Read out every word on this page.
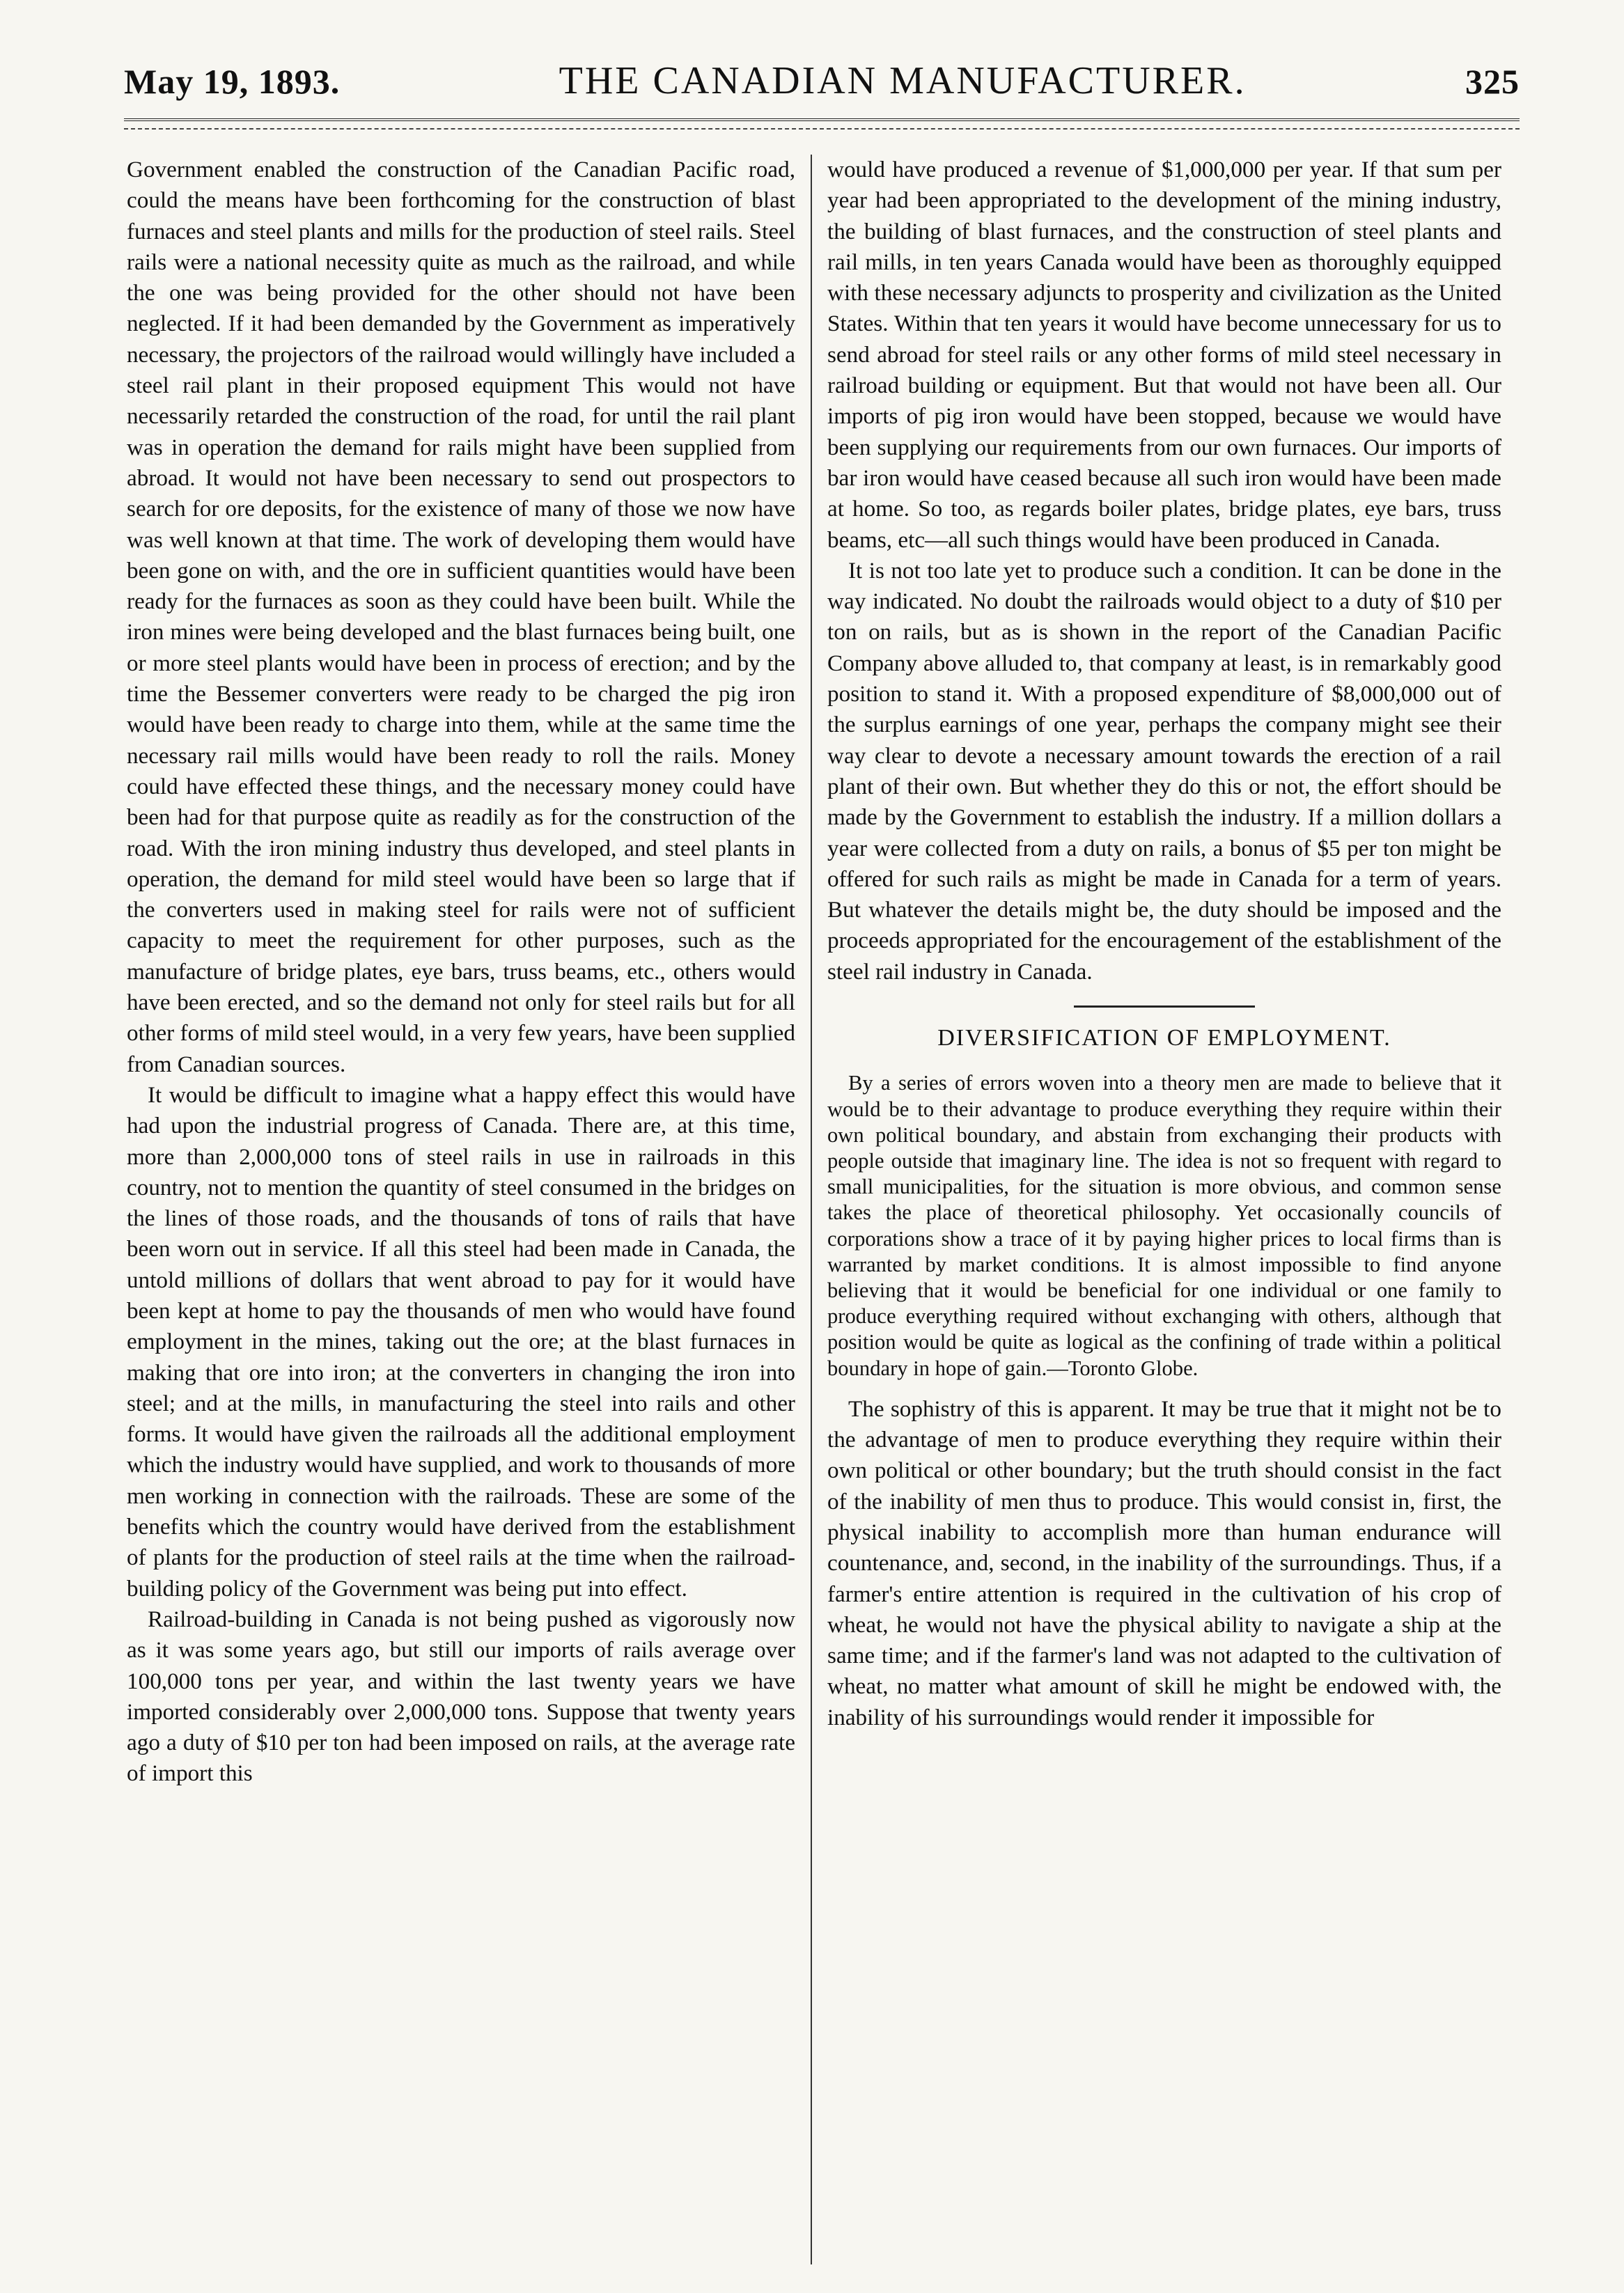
May 19, 1893.	THE CANADIAN MANUFACTURER.	325

Government enabled the construction of the Canadian Pacific road, could the means have been forthcoming for the construction of blast furnaces and steel plants and mills for the production of steel rails. Steel rails were a national necessity quite as much as the railroad, and while the one was being provided for the other should not have been neglected. If it had been demanded by the Government as imperatively necessary, the projectors of the railroad would willingly have included a steel rail plant in their proposed equipment This would not have necessarily retarded the construction of the road, for until the rail plant was in operation the demand for rails might have been supplied from abroad. It would not have been necessary to send out prospectors to search for ore deposits, for the existence of many of those we now have was well known at that time. The work of developing them would have been gone on with, and the ore in sufficient quantities would have been ready for the furnaces as soon as they could have been built. While the iron mines were being developed and the blast furnaces being built, one or more steel plants would have been in process of erection; and by the time the Bessemer converters were ready to be charged the pig iron would have been ready to charge into them, while at the same time the necessary rail mills would have been ready to roll the rails. Money could have effected these things, and the necessary money could have been had for that purpose quite as readily as for the construction of the road. With the iron mining industry thus developed, and steel plants in operation, the demand for mild steel would have been so large that if the converters used in making steel for rails were not of sufficient capacity to meet the requirement for other purposes, such as the manufacture of bridge plates, eye bars, truss beams, etc., others would have been erected, and so the demand not only for steel rails but for all other forms of mild steel would, in a very few years, have been supplied from Canadian sources.

It would be difficult to imagine what a happy effect this would have had upon the industrial progress of Canada. There are, at this time, more than 2,000,000 tons of steel rails in use in railroads in this country, not to mention the quantity of steel consumed in the bridges on the lines of those roads, and the thousands of tons of rails that have been worn out in service. If all this steel had been made in Canada, the untold millions of dollars that went abroad to pay for it would have been kept at home to pay the thousands of men who would have found employment in the mines, taking out the ore; at the blast furnaces in making that ore into iron; at the converters in changing the iron into steel; and at the mills, in manufacturing the steel into rails and other forms. It would have given the railroads all the additional employment which the industry would have supplied, and work to thousands of more men working in connection with the railroads. These are some of the benefits which the country would have derived from the establishment of plants for the production of steel rails at the time when the railroad-building policy of the Government was being put into effect.

Railroad-building in Canada is not being pushed as vigorously now as it was some years ago, but still our imports of rails average over 100,000 tons per year, and within the last twenty years we have imported considerably over 2,000,000 tons. Suppose that twenty years ago a duty of $10 per ton had been imposed on rails, at the average rate of import this

would have produced a revenue of $1,000,000 per year. If that sum per year had been appropriated to the development of the mining industry, the building of blast furnaces, and the construction of steel plants and rail mills, in ten years Canada would have been as thoroughly equipped with these necessary adjuncts to prosperity and civilization as the United States. Within that ten years it would have become unnecessary for us to send abroad for steel rails or any other forms of mild steel necessary in railroad building or equipment. But that would not have been all. Our imports of pig iron would have been stopped, because we would have been supplying our requirements from our own furnaces. Our imports of bar iron would have ceased because all such iron would have been made at home. So too, as regards boiler plates, bridge plates, eye bars, truss beams, etc—all such things would have been produced in Canada.

It is not too late yet to produce such a condition. It can be done in the way indicated. No doubt the railroads would object to a duty of $10 per ton on rails, but as is shown in the report of the Canadian Pacific Company above alluded to, that company at least, is in remarkably good position to stand it. With a proposed expenditure of $8,000,000 out of the surplus earnings of one year, perhaps the company might see their way clear to devote a necessary amount towards the erection of a rail plant of their own. But whether they do this or not, the effort should be made by the Government to establish the industry. If a million dollars a year were collected from a duty on rails, a bonus of $5 per ton might be offered for such rails as might be made in Canada for a term of years. But whatever the details might be, the duty should be imposed and the proceeds appropriated for the encouragement of the establishment of the steel rail industry in Canada.

DIVERSIFICATION OF EMPLOYMENT.

By a series of errors woven into a theory men are made to believe that it would be to their advantage to produce everything they require within their own political boundary, and abstain from exchanging their products with people outside that imaginary line. The idea is not so frequent with regard to small municipalities, for the situation is more obvious, and common sense takes the place of theoretical philosophy. Yet occasionally councils of corporations show a trace of it by paying higher prices to local firms than is warranted by market conditions. It is almost impossible to find anyone believing that it would be beneficial for one individual or one family to produce everything required without exchanging with others, although that position would be quite as logical as the confining of trade within a political boundary in hope of gain.—Toronto Globe.

The sophistry of this is apparent. It may be true that it might not be to the advantage of men to produce everything they require within their own political or other boundary; but the truth should consist in the fact of the inability of men thus to produce. This would consist in, first, the physical inability to accomplish more than human endurance will countenance, and, second, in the inability of the surroundings. Thus, if a farmer's entire attention is required in the cultivation of his crop of wheat, he would not have the physical ability to navigate a ship at the same time; and if the farmer's land was not adapted to the cultivation of wheat, no matter what amount of skill he might be endowed with, the inability of his surroundings would render it impossible for
